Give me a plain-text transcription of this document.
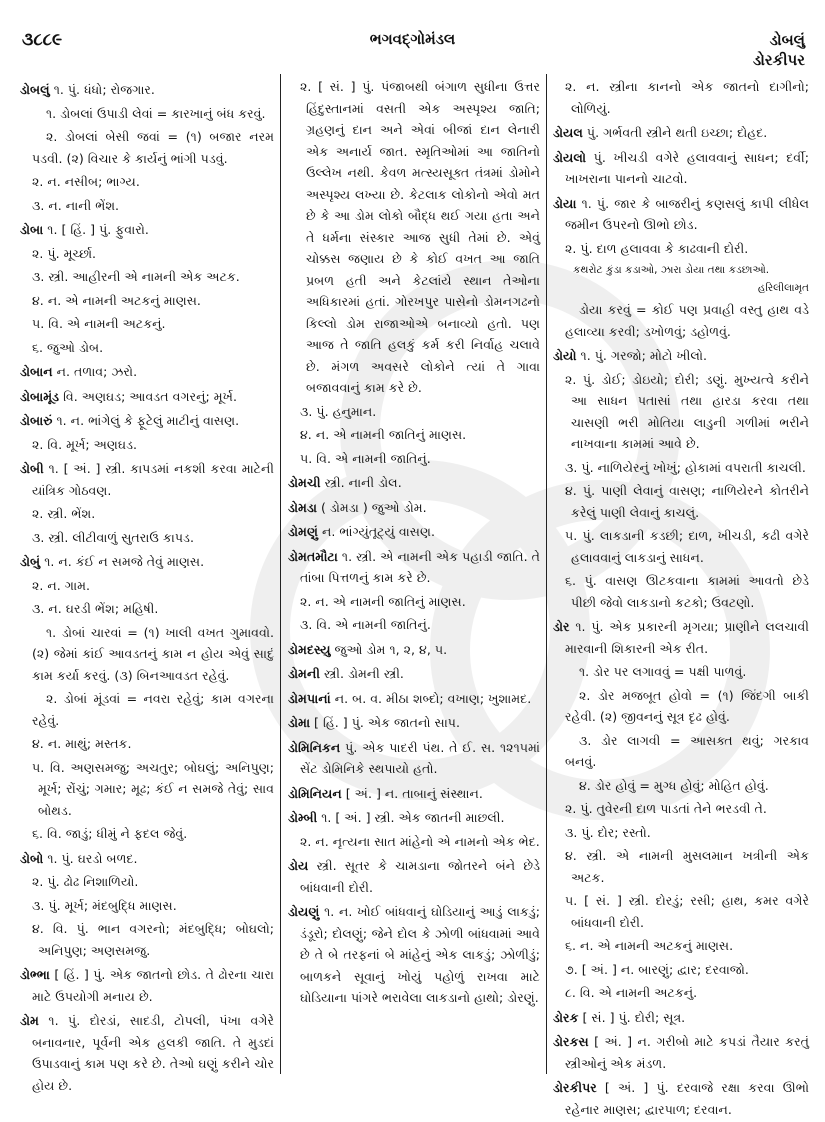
૩૮૮૯	ભગવદ્ગોમંડલ	ડોબલું
ડોરકીપર
ડોબલું ૧. પું. ધંધો; રોજગાર.
૧. ડોબલાં ઉપાડી લેવાં = કારખાનું બંધ કરવું.
૨. ડોબલાં બેસી જવાં = (૧) બજાર નરમ પડવી. (૨) વિચાર કે કાર્યનું ભાંગી પડવું.
૨. ન. નસીબ; ભાગ્ય.
૩. ન. નાની ભેંશ.
ડોબા ૧. [ હિં. ] પું. ફુવારો.
૨. પું. મૂર્ચ્છા.
૩. સ્ત્રી. આહીરની એ નામની એક અટક.
૪. ન. એ નામની અટકનું માણસ.
૫. વિ. એ નામની અટકનું.
૬. જુઓ ડોબ.
ડોબાન ન. તળાવ; ઝરો.
ડોબામૂંડ વિ. અણઘડ; આવડત વગરનું; મૂર્ખ.
ડોબારું ૧. ન. ભાંગેલું કે ફૂટેલું માટીનું વાસણ.
૨. વિ. મૂર્ખ; અણઘડ.
ડોબી ૧. [ અં. ] સ્ત્રી. કાપડમાં નકશી કરવા માટેની યાંત્રિક ગોઠવણ.
૨. સ્ત્રી. ભેંશ.
૩. સ્ત્રી. લીટીવાળું સુતરાઉ કાપડ.
ડોબું ૧. ન. કંઈ ન સમજે તેવું માણસ.
૨. ન. ગામ.
૩. ન. ઘરડી ભેંશ; મહિષી.
૧. ડોબાં ચારવાં = (૧) ખાલી વખત ગુમાવવો. (૨) જેમાં કાંઈ આવડતનું કામ ન હોય એવું સાદું કામ કર્યા કરવું. (૩) બિનઆવડત રહેવું.
૨. ડોબાં મૂંડવાં = નવરા રહેવું; કામ વગરના રહેવું.
૪. ન. માથું; મસ્તક.
૫. વિ. અણસમજુ; અચતુર; બોઘલું; અનિપુણ; મૂર્ખ; રોંચું; ગમાર; મૂઢ; કંઈ ન સમજે તેવું; સાવ બોથડ.
૬. વિ. જાડું; ધીમું ને ફદલ જેવું.
ડોબો ૧. પું. ઘરડો બળદ.
૨. પું. ઢોઢ નિશાળિયો.
૩. પું. મૂર્ખ; મંદબુદ્ધિ માણસ.
૪. વિ. પું. ભાન વગરનો; મંદબુદ્ધિ; બોઘલો; અનિપુણ; અણસમજુ.
ડોભ્ભા [ હિં. ] પું. એક જાતનો છોડ. તે ઢોરના ચારા માટે ઉપયોગી મનાય છે.
ડોમ ૧. પું. દોરડાં, સાદડી, ટોપલી, પંખા વગેરે બનાવનાર, પૂર્વની એક હલકી જાતિ. તે મુડદાં ઉપાડવાનું કામ પણ કરે છે. તેઓ ઘણું કરીને ચોર હોય છે.
૨. [ સં. ] પું. પંજાબથી બંગાળ સુધીના ઉત્તર હિંદુસ્તાનમાં વસતી એક અસ્પૃશ્ય જાતિ; ગ્રહણનું દાન અને એવાં બીજાં દાન લેનારી એક અનાર્ય જાત. સ્મૃતિઓમાં આ જાતિનો ઉલ્લેખ નથી. કેવળ મત્સ્યસૂક્ત તંત્રમાં ડોમોને અસ્પૃશ્ય લખ્યા છે. કેટલાક લોકોનો એવો મત છે કે આ ડોમ લોકો બૌદ્ધ થઈ ગયા હતા અને તે ધર્મના સંસ્કાર આજ સુધી તેમાં છે. એવું ચોક્કસ જણાય છે કે કોઈ વખત આ જાતિ પ્રબળ હતી અને કેટલાંયે સ્થાન તેઓના અધિકારમાં હતાં. ગોરખપુર પાસેનો ડોમનગઢનો કિલ્લો ડોમ રાજાઓએ બનાવ્યો હતો. પણ આજ તે જાતિ હલકું કર્મ કરી નિર્વાહ ચલાવે છે. મંગળ અવસરે લોકોને ત્યાં તે ગાવા બજાવવાનું કામ કરે છે.
૩. પું. હનુમાન.
૪. ન. એ નામની જાતિનું માણસ.
૫. વિ. એ નામની જાતિનું.
ડોમચી સ્ત્રી. નાની ડોલ.
ડોમડા ( ડોમડા ) જુઓ ડોમ.
ડોમણું ન. ભાંગ્યુંતૂટ્યું વાસણ.
ડોમતમૌટા ૧. સ્ત્રી. એ નામની એક પહાડી જાતિ. તે તાંબા પિત્તળનું કામ કરે છે.
૨. ન. એ નામની જાતિનું માણસ.
૩. વિ. એ નામની જાતિનું.
ડોમદસ્યુ જુઓ ડોમ ૧, ૨, ૪, ૫.
ડોમની સ્ત્રી. ડોમની સ્ત્રી.
ડોમપાનાં ન. બ. વ. મીઠા શબ્દો; વખાણ; ખુશામદ.
ડોમા [ હિં. ] પું. એક જાતનો સાપ.
ડોમિનિકન પું. એક પાદરી પંથ. તે ઈ. સ. ૧૨૧૫માં સેંટ ડોમિનિકે સ્થપાયો હતો.
ડોમિનિયન [ અં. ] ન. તાબાનું સંસ્થાન.
ડોમ્બી ૧. [ અં. ] સ્ત્રી. એક જાતની માછલી.
૨. ન. નૃત્યના સાત માંહેનો એ નામનો એક ભેદ.
ડોય સ્ત્રી. સૂતર કે ચામડાના જોતરને બંને છેડે બાંધવાની દોરી.
ડોયણું ૧. ન. ખોઈ બાંધવાનું ઘોડિયાનું આડું લાકડું; ડંડૂરો; દોલણું; જેને દોલ કે ઝોળી બાંધવામાં આવે છે તે બે તરફનાં બે માંહેનું એક લાકડું; ઝોળીડું; બાળકને સૂવાનું ખોયું પહોળું રાખવા માટે ઘોડિયાના પાંગરે ભરાવેલા લાકડાનો હાથો; ડોરણું.
૨. ન. સ્ત્રીના કાનનો એક જાતનો દાગીનો; લોળિયું.
ડોયલ પું. ગર્ભવતી સ્ત્રીને થતી ઇચ્છા; દોહદ.
ડોયલો પું. ખીચડી વગેરે હલાવવાનું સાધન; દર્વી; ખાખરાના પાનનો ચાટવો.
ડોયા ૧. પું. જાર કે બાજરીનું કણસલું કાપી લીધેલ જમીન ઉપરનો ઊભો છોડ.
૨. પું. દાળ હલાવવા કે કાઢવાની દોરી.
કથરોટ કુંડા કડાઓ, ઝારા ડોયા તથા કડછાઓ.
હરિલીલામૃત
ડોયા કરવું = કોઈ પણ પ્રવાહી વસ્તુ હાથ વડે હલાવ્યા કરવી; ડખોળવું; ડહોળવું.
ડોયો ૧. પું. ગરજો; મોટો ખીલો.
૨. પું. ડોઈ; ડોઇયો; દોરી; ડણું. મુખ્યત્વે કરીને આ સાધન પતાસાં તથા હારડા કરવા તથા ચાસણી ભરી મોતિયા લાડુની ગળીમાં ભરીને નાખવાના કામમાં આવે છે.
૩. પું. નાળિયેરનું ખોખું; હોકામાં વપરાતી કાચલી.
૪. પું. પાણી લેવાનું વાસણ; નાળિયેરને કોતરીને કરેલું પાણી લેવાનું કાચલું.
૫. પું. લાકડાની કડછી; દાળ, ખીચડી, કઢી વગેરે હલાવવાનું લાકડાનું સાધન.
૬. પું. વાસણ ઊટકવાના કામમાં આવતો છેડે પીછી જેવો લાકડાનો કટકો; ઉવટણો.
ડોર ૧. પું. એક પ્રકારની મૃગયા; પ્રાણીને લલચાવી મારવાની શિકારની એક રીત.
૧. ડોર પર લગાવવું = પક્ષી પાળવું.
૨. ડોર મજબૂત હોવો = (૧) જિંદગી બાકી રહેવી. (૨) જીવનનું સૂત્ર દૃઢ હોવું.
૩. ડોર લાગવી = આસક્ત થવું; ગરકાવ બનવું.
૪. ડોર હોવું = મુગ્ધ હોવું; મોહિત હોવું.
૨. પું. તુવેરની દાળ પાડતાં તેને ભરડવી તે.
૩. પું. દોર; રસ્તો.
૪. સ્ત્રી. એ નામની મુસલમાન ખત્રીની એક અટક.
૫. [ સં. ] સ્ત્રી. દોરડું; રસી; હાથ, કમર વગેરે બાંધવાની દોરી.
૬. ન. એ નામની અટકનું માણસ.
૭. [ અં. ] ન. બારણું; દ્વાર; દરવાજો.
૮. વિ. એ નામની અટકનું.
ડોરક [ સં. ] પું. દોરી; સૂત્ર.
ડોરકસ [ અં. ] ન. ગરીબો માટે કપડાં તૈયાર કરતું સ્ત્રીઓનું એક મંડળ.
ડોરકીપર [ અં. ] પું. દરવાજે રક્ષા કરવા ઊભો રહેનાર માણસ; દ્વારપાળ; દરવાન.
